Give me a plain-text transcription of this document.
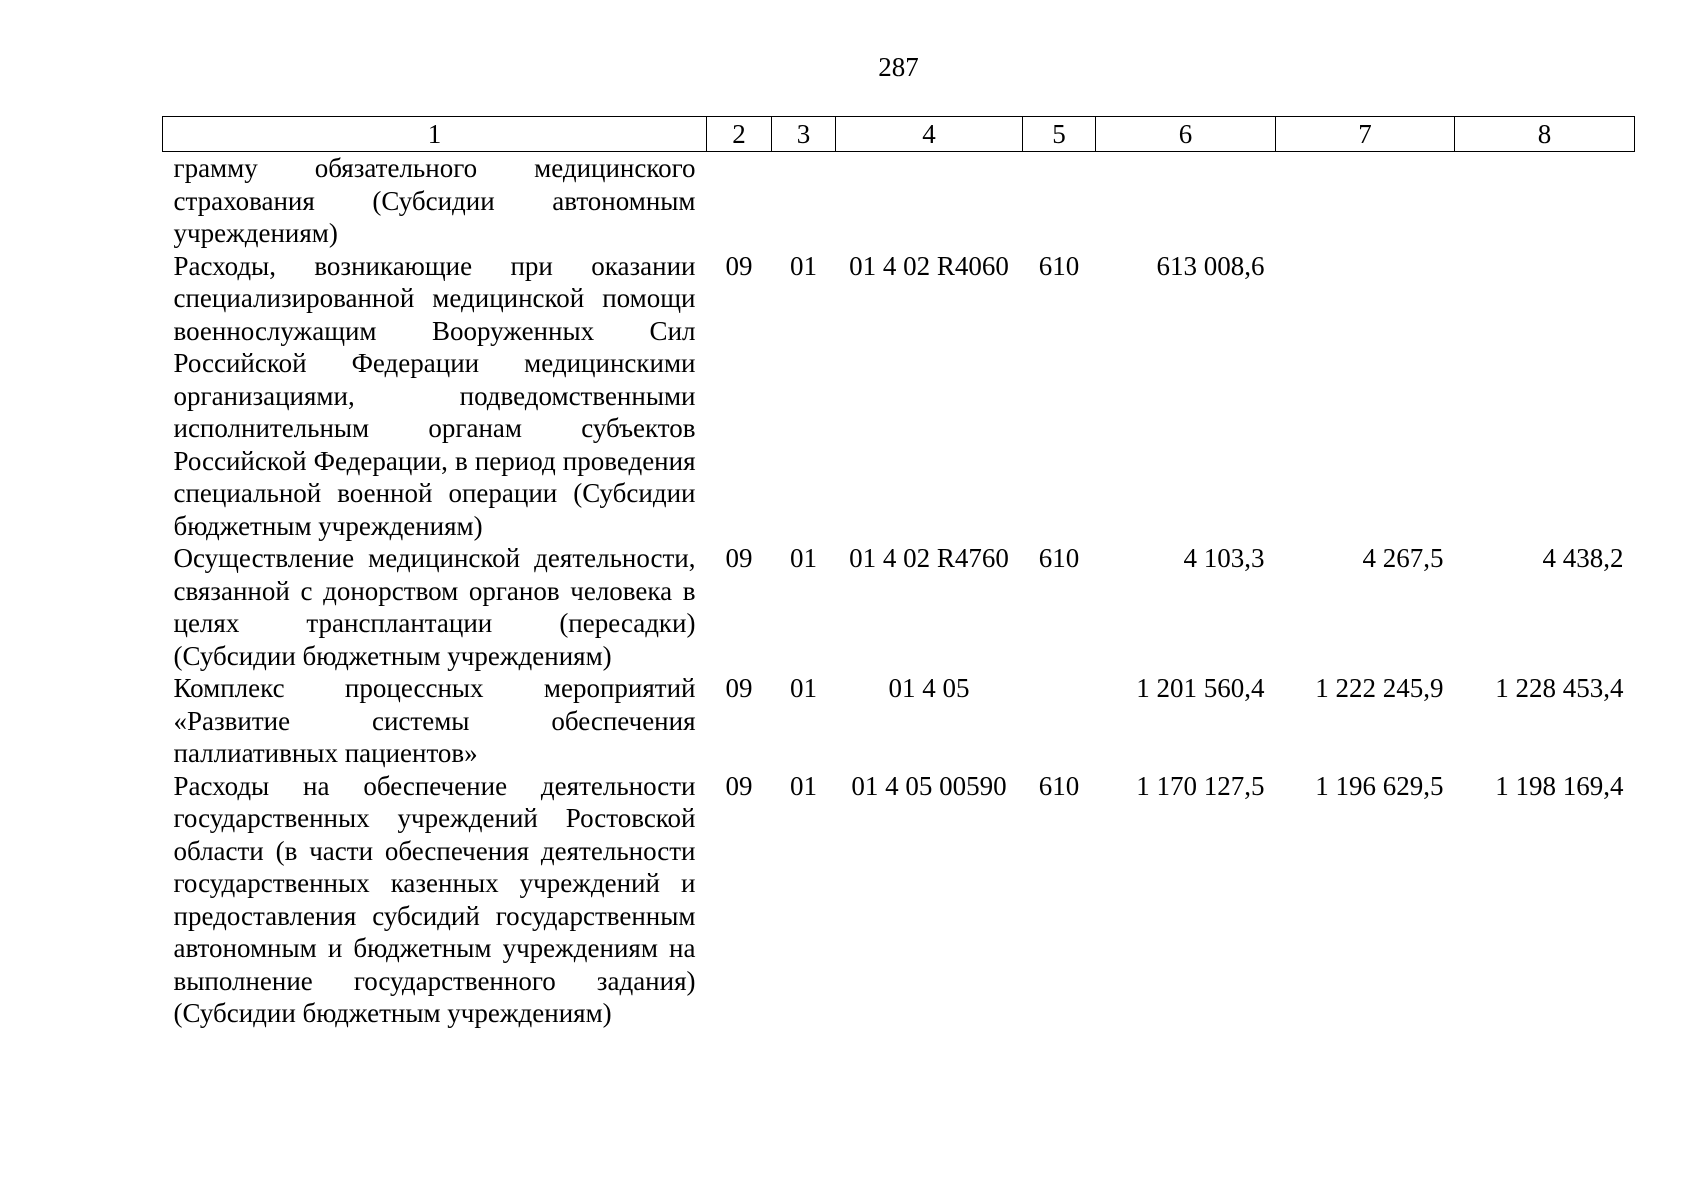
287
1	2	3	4	5	6	7	8
грамму обязательного медицинского страхования (Субсидии автономным учреждениям)							
Расходы, возникающие при оказании специализированной медицинской помощи военнослужащим Вооруженных Сил Российской Федерации медицинскими организациями, подведомственными исполнительным органам субъектов Российской Федерации, в период проведения специальной военной операции (Субсидии бюджетным учреждениям)	09	01	01 4 02 R4060	610	613 008,6		
Осуществление медицинской деятельности, связанной с донорством органов человека в целях трансплантации (пересадки) (Субсидии бюджетным учреждениям)	09	01	01 4 02 R4760	610	4 103,3	4 267,5	4 438,2
Комплекс процессных мероприятий «Развитие системы обеспечения паллиативных пациентов»	09	01	01 4 05		1 201 560,4	1 222 245,9	1 228 453,4
Расходы на обеспечение деятельности государственных учреждений Ростовской области (в части обеспечения деятельности государственных казенных учреждений и предоставления субсидий государственным автономным и бюджетным учреждениям на выполнение государственного задания) (Субсидии бюджетным учреждениям)	09	01	01 4 05 00590	610	1 170 127,5	1 196 629,5	1 198 169,4
